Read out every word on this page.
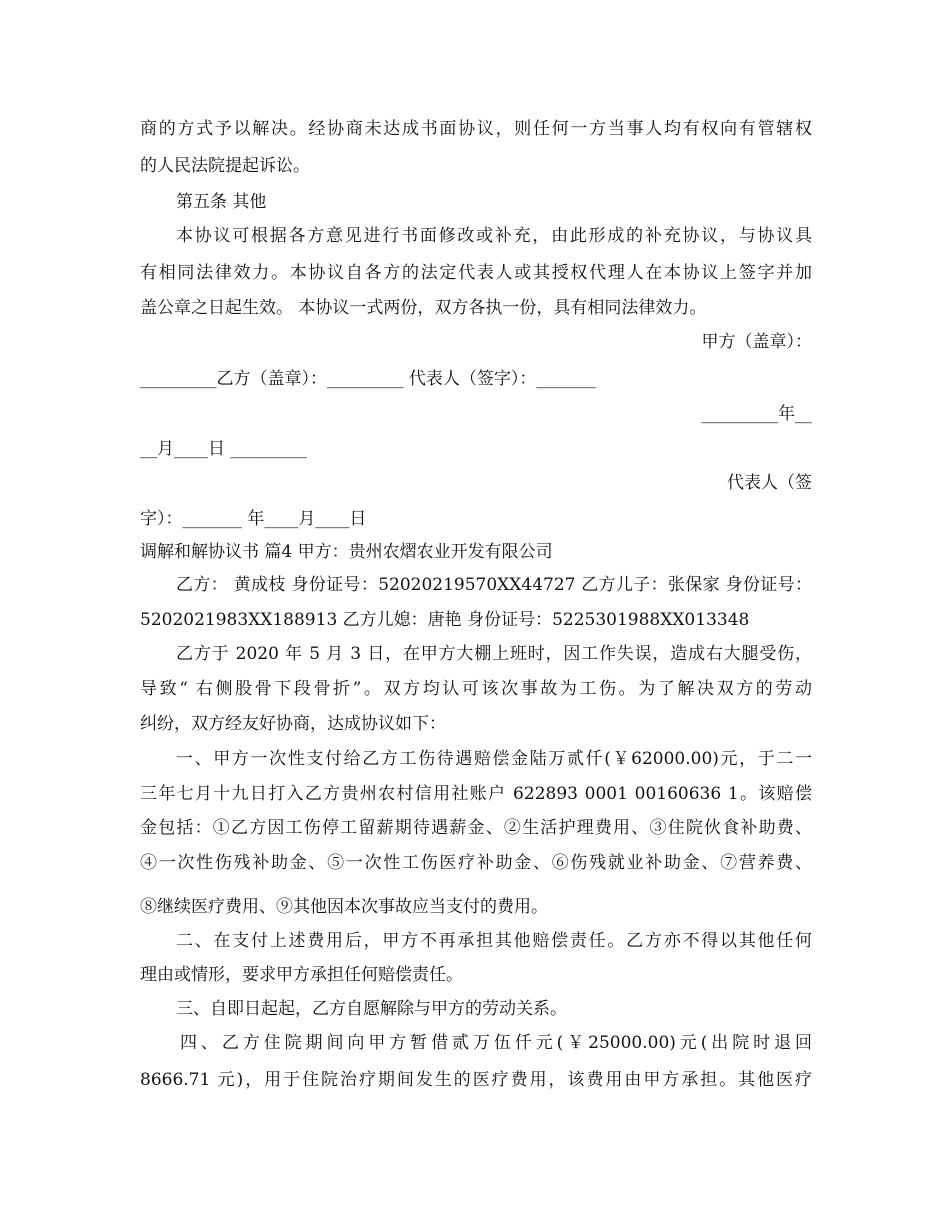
商的方式予以解决。经协商未达成书面协议，则任何一方当事人均有权向有管辖权
的人民法院提起诉讼。
第五条 其他
本协议可根据各方意见进行书面修改或补充，由此形成的补充协议，与协议具
有相同法律效力。本协议自各方的法定代表人或其授权代理人在本协议上签字并加
盖公章之日起生效。 本协议一式两份，双方各执一份，具有相同法律效力。
甲方（盖章）：
_________乙方（盖章）：_________ 代表人（签字）：_______
_________年__
__月____日 _________
代表人（签
字）：_______ 年____月____日
调解和解协议书 篇4 甲方：贵州农熠农业开发有限公司
乙方： 黄成枝 身份证号：52020219570XX44727 乙方儿子：张保家 身份证号：
5202021983XX188913 乙方儿媳：唐艳 身份证号：5225301988XX013348
乙方于 2020 年 5 月 3 日，在甲方大棚上班时，因工作失误，造成右大腿受伤，
导致“ 右侧股骨下段骨折”。双方均认可该次事故为工伤。为了解决双方的劳动
纠纷，双方经友好协商，达成协议如下：
一、甲方一次性支付给乙方工伤待遇赔偿金陆万贰仟(￥62000.00)元，于二一
三年七月十九日打入乙方贵州农村信用社账户 622893 0001 00160636 1。该赔偿
金包括：①乙方因工伤停工留薪期待遇薪金、②生活护理费用、③住院伙食补助费、
④一次性伤残补助金、⑤一次性工伤医疗补助金、⑥伤残就业补助金、⑦营养费、
⑧继续医疗费用、⑨其他因本次事故应当支付的费用。
二、在支付上述费用后，甲方不再承担其他赔偿责任。乙方亦不得以其他任何
理由或情形，要求甲方承担任何赔偿责任。
三、自即日起起，乙方自愿解除与甲方的劳动关系。
四、乙方住院期间向甲方暂借贰万伍仟元(￥25000.00)元(出院时退回
8666.71 元)，用于住院治疗期间发生的医疗费用，该费用由甲方承担。其他医疗
